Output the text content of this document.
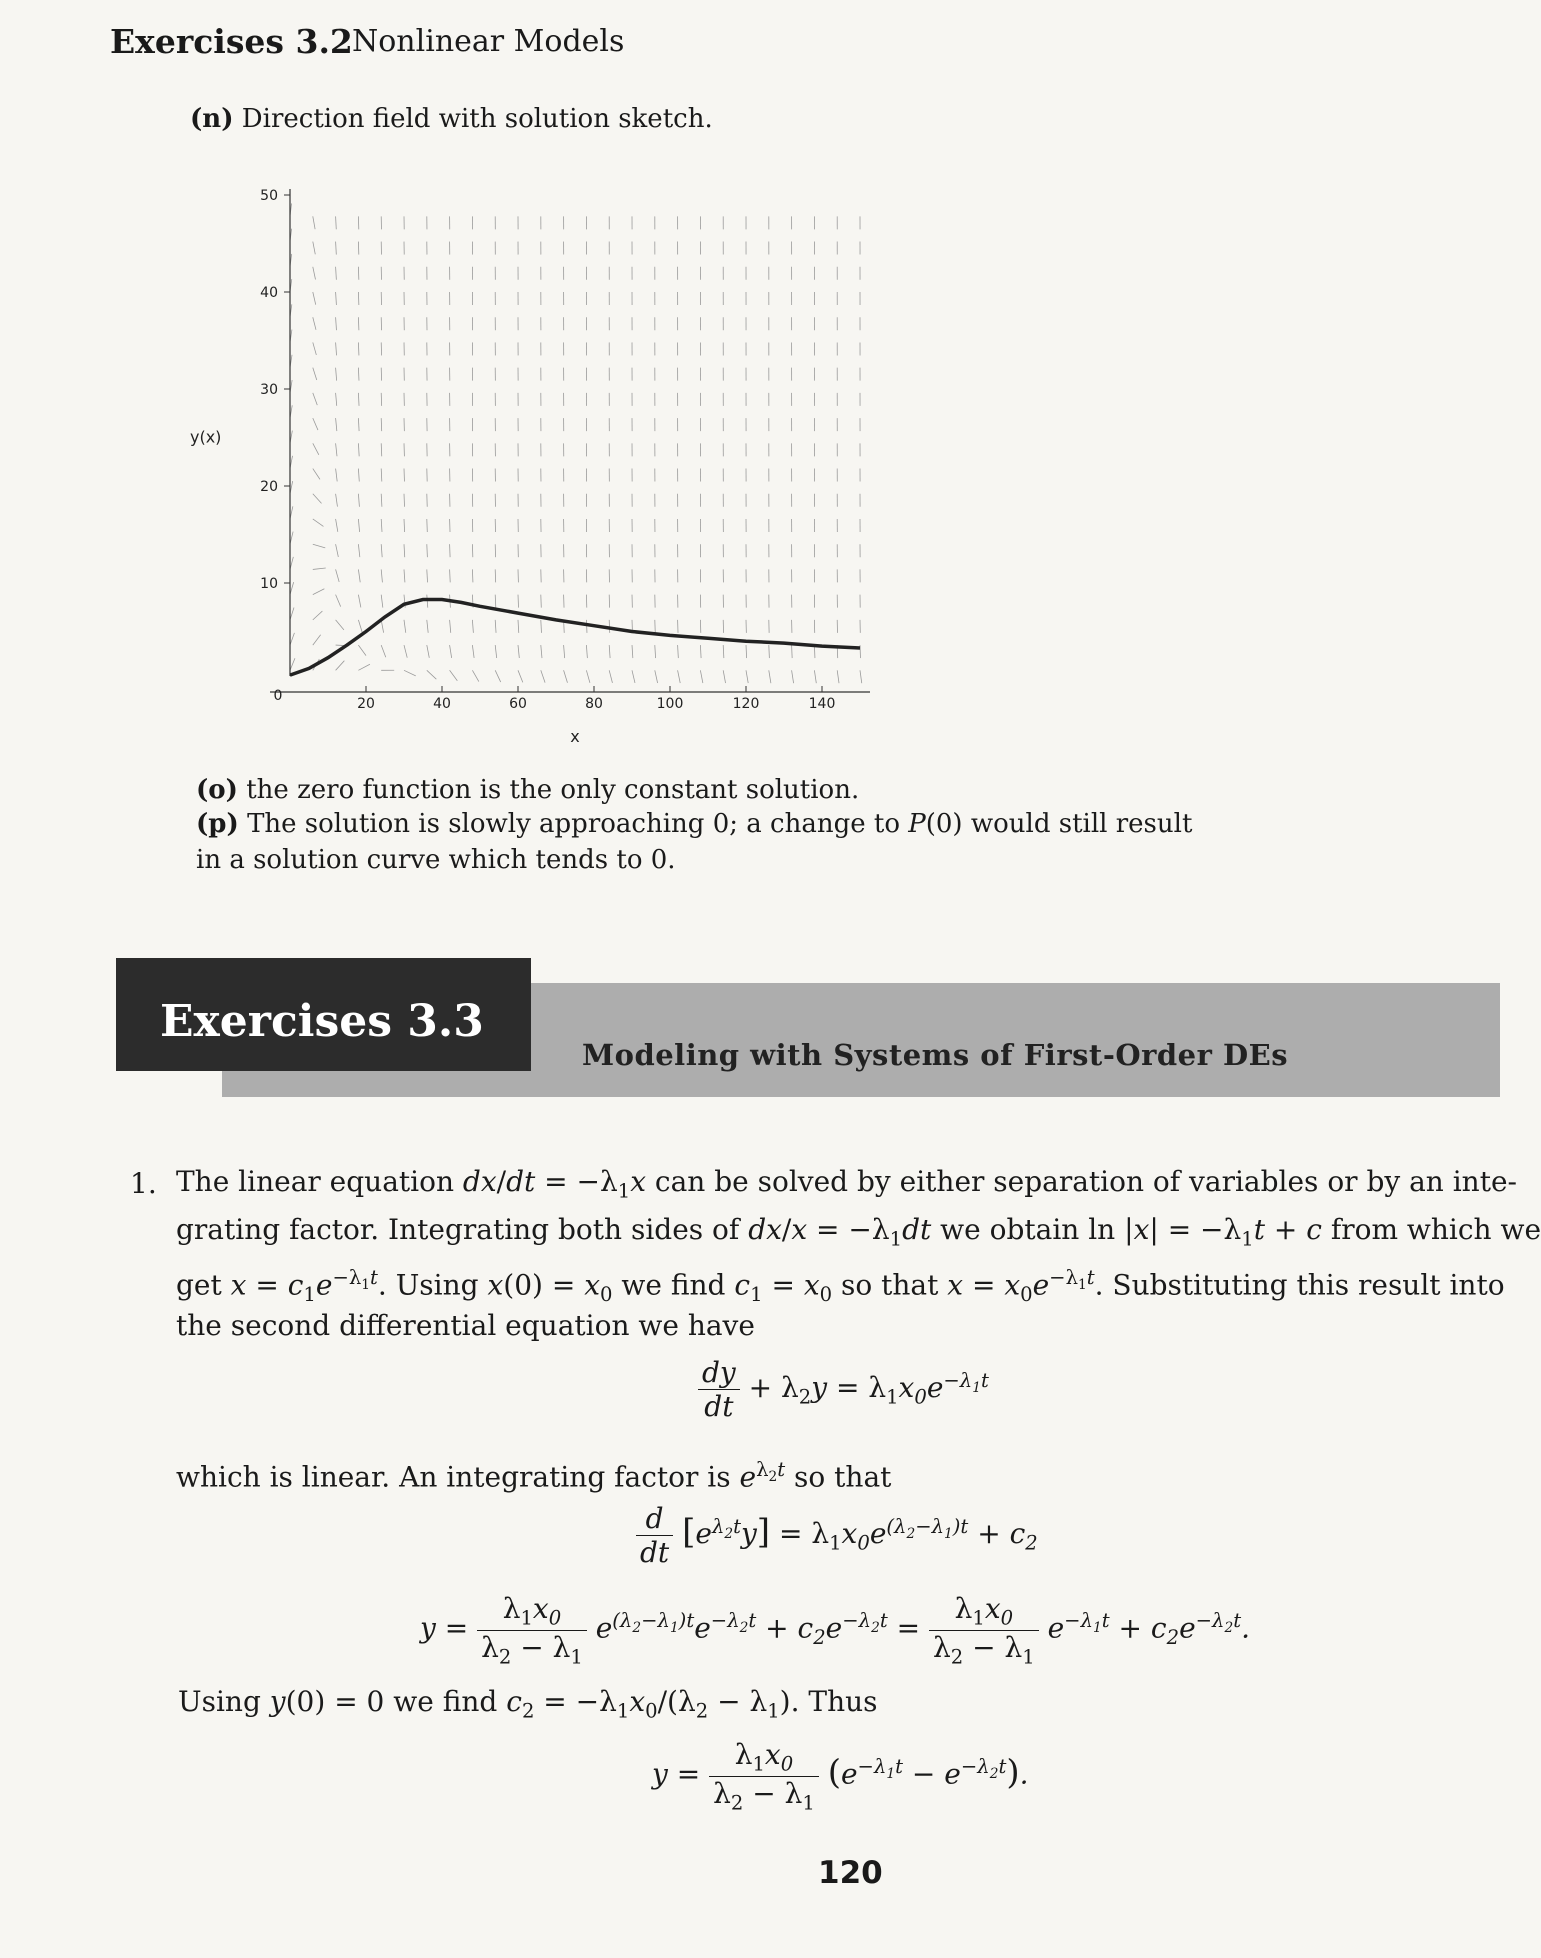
Exercises 3.2 Nonlinear Models
(n) Direction field with solution sketch.
10
20
30
40
50
20	40	60	80	100	120	140
0
x
y(x)
(o) the zero function is the only constant solution.
(p) The solution is slowly approaching 0; a change to P(0) would still result
in a solution curve which tends to 0.
Exercises 3.3
Modeling with Systems of First-Order DEs
1. The linear equation $dx/dt = -\lambda_1x$ can be solved by either separation of variables or by an inte-
grating factor. Integrating both sides of $dx/x = -\lambda_1dt$ we obtain $\ln |x| = -\lambda_1t + c$ from which we
get $x = c_1e^{-\lambda_1t}$. Using $x(0) = x_0$ we find $c_1 = x_0$ so that $x = x_0e^{-\lambda_1t}$. Substituting this result into
the second differential equation we have
$\frac{dy}{dt} + \lambda_2y = \lambda_1x_0e^{-\lambda_1t}$
which is linear. An integrating factor is $e^{\lambda_2t}$ so that
$\frac{d}{dt} [e^{\lambda_2t}y] = \lambda_1x_0e^{(\lambda_2-\lambda_1)t} + c_2$
$y = \frac{\lambda_1x_0}{\lambda_2 - \lambda_1} e^{(\lambda_2-\lambda_1)t}e^{-\lambda_2t} + c_2e^{-\lambda_2t} = \frac{\lambda_1x_0}{\lambda_2 - \lambda_1} e^{-\lambda_1t} + c_2e^{-\lambda_2t}$.
Using y(0) = 0 we find $c_2 = -\lambda_1x_0/(\lambda_2 - \lambda_1)$. Thus
$y = \frac{\lambda_1x_0}{\lambda_2 - \lambda_1} (e^{-\lambda_1t} - e^{-\lambda_2t})$.
120
